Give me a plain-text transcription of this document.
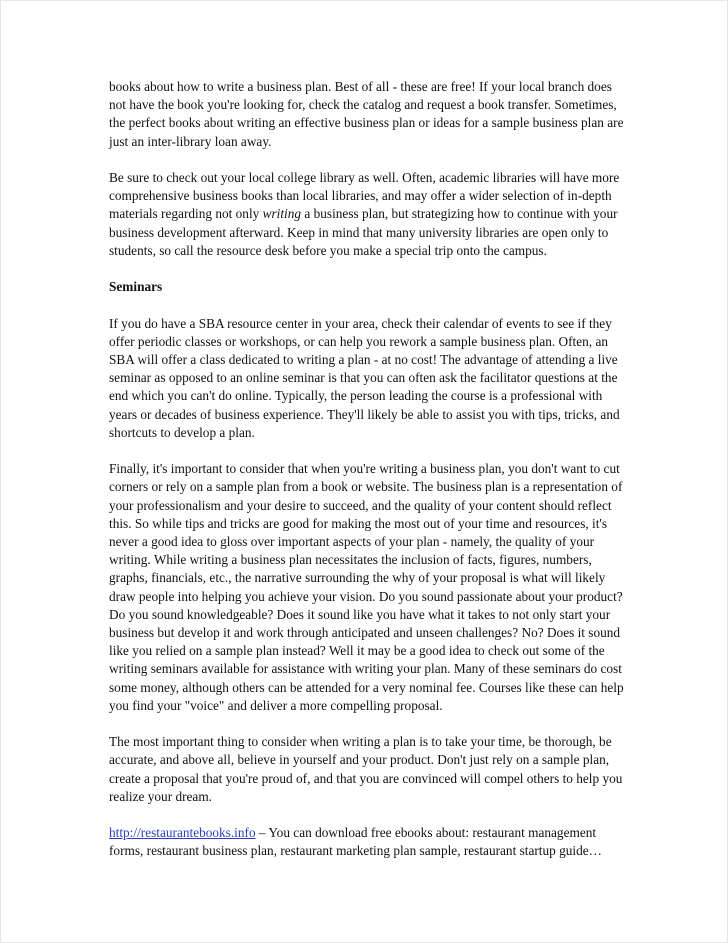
books about how to write a business plan. Best of all - these are free! If your local branch does not have the book you're looking for, check the catalog and request a book transfer. Sometimes, the perfect books about writing an effective business plan or ideas for a sample business plan are just an inter-library loan away.

Be sure to check out your local college library as well. Often, academic libraries will have more comprehensive business books than local libraries, and may offer a wider selection of in-depth materials regarding not only writing a business plan, but strategizing how to continue with your business development afterward. Keep in mind that many university libraries are open only to students, so call the resource desk before you make a special trip onto the campus.

Seminars

If you do have a SBA resource center in your area, check their calendar of events to see if they offer periodic classes or workshops, or can help you rework a sample business plan. Often, an SBA will offer a class dedicated to writing a plan - at no cost! The advantage of attending a live seminar as opposed to an online seminar is that you can often ask the facilitator questions at the end which you can't do online. Typically, the person leading the course is a professional with years or decades of business experience. They'll likely be able to assist you with tips, tricks, and shortcuts to develop a plan.

Finally, it's important to consider that when you're writing a business plan, you don't want to cut corners or rely on a sample plan from a book or website. The business plan is a representation of your professionalism and your desire to succeed, and the quality of your content should reflect this. So while tips and tricks are good for making the most out of your time and resources, it's never a good idea to gloss over important aspects of your plan - namely, the quality of your writing. While writing a business plan necessitates the inclusion of facts, figures, numbers, graphs, financials, etc., the narrative surrounding the why of your proposal is what will likely draw people into helping you achieve your vision. Do you sound passionate about your product? Do you sound knowledgeable? Does it sound like you have what it takes to not only start your business but develop it and work through anticipated and unseen challenges? No? Does it sound like you relied on a sample plan instead? Well it may be a good idea to check out some of the writing seminars available for assistance with writing your plan. Many of these seminars do cost some money, although others can be attended for a very nominal fee. Courses like these can help you find your "voice" and deliver a more compelling proposal.

The most important thing to consider when writing a plan is to take your time, be thorough, be accurate, and above all, believe in yourself and your product. Don't just rely on a sample plan, create a proposal that you're proud of, and that you are convinced will compel others to help you realize your dream.

http://restaurantebooks.info – You can download free ebooks about: restaurant management forms, restaurant business plan, restaurant marketing plan sample, restaurant startup guide…
